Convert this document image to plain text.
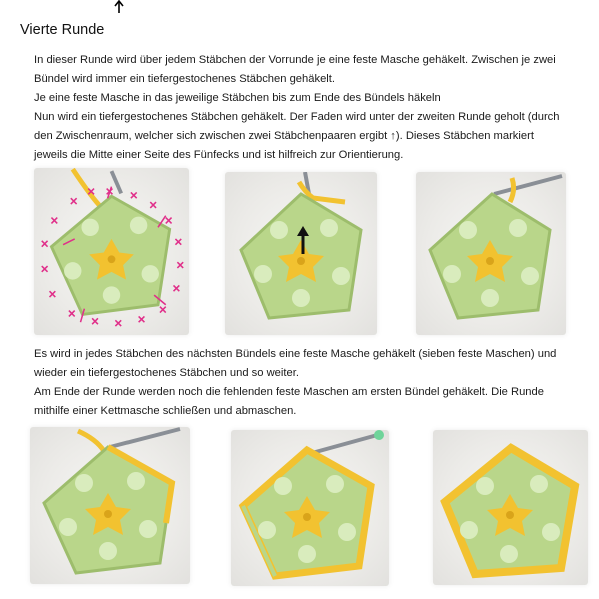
Vierte Runde
In dieser Runde wird über jedem Stäbchen der Vorrunde je eine feste Masche gehäkelt. Zwischen je zwei
Bündel wird immer ein tiefergestochenes Stäbchen gehäkelt.
Je eine feste Masche in das jeweilige Stäbchen bis zum Ende des Bündels häkeln
Nun wird ein tiefergestochenes Stäbchen gehäkelt. Der Faden wird unter der zweiten Runde geholt (durch
den Zwischenraum, welcher sich zwischen zwei Stäbchenpaaren ergibt ↑). Dieses Stäbchen markiert
jeweils die Mitte einer Seite des Fünfecks und ist hilfreich zur Orientierung.
Es wird in jedes Stäbchen des nächsten Bündels eine feste Masche gehäkelt (sieben feste Maschen) und
wieder ein tiefergestochenes Stäbchen und so weiter.
Am Ende der Runde werden noch die fehlenden feste Maschen am ersten Bündel gehäkelt. Die Runde
mithilfe einer Kettmasche schließen und abmaschen.
